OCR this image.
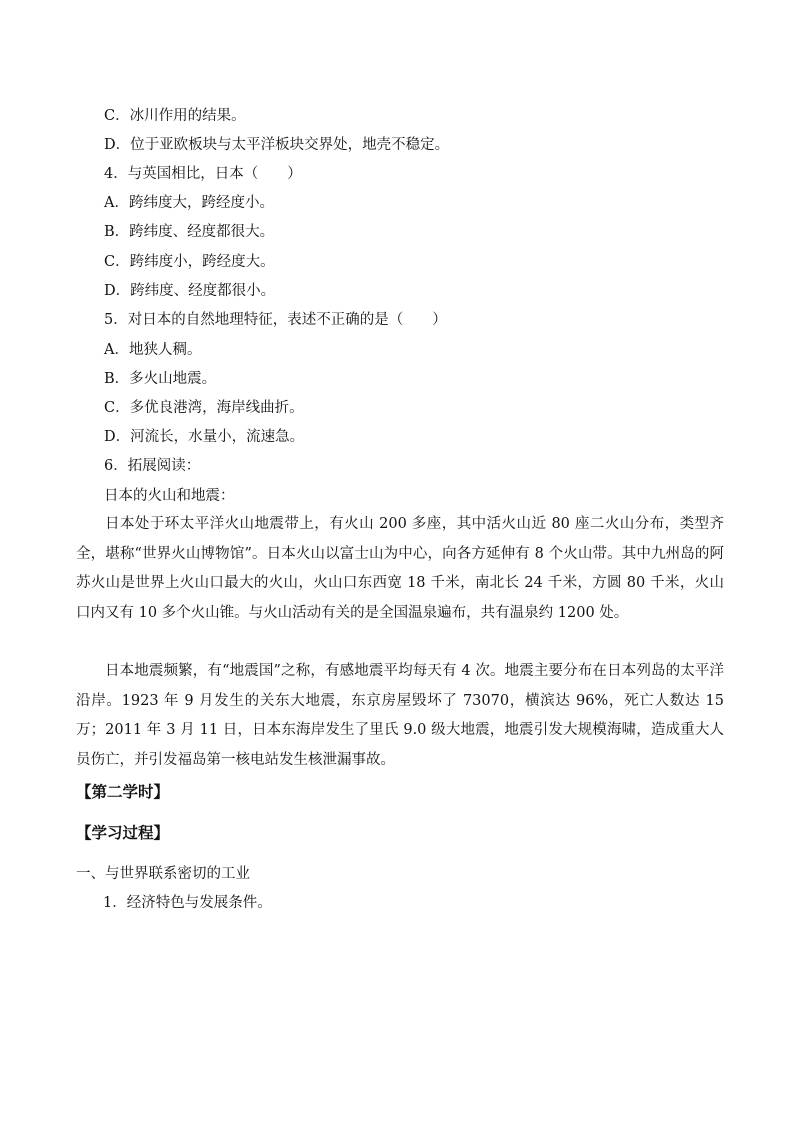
C．冰川作用的结果。
D．位于亚欧板块与太平洋板块交界处，地壳不稳定。
4．与英国相比，日本（　　）
A．跨纬度大，跨经度小。
B．跨纬度、经度都很大。
C．跨纬度小，跨经度大。
D．跨纬度、经度都很小。
5．对日本的自然地理特征，表述不正确的是（　　）
A．地狭人稠。
B．多火山地震。
C．多优良港湾，海岸线曲折。
D．河流长，水量小，流速急。
6．拓展阅读：
日本的火山和地震：
日本处于环太平洋火山地震带上，有火山 200 多座，其中活火山近 80 座二火山分布，类型齐全，堪称“世界火山博物馆”。日本火山以富士山为中心，向各方延伸有 8 个火山带。其中九州岛的阿苏火山是世界上火山口最大的火山，火山口东西宽 18 千米，南北长 24 千米，方圆 80 千米，火山口内又有 10 多个火山锥。与火山活动有关的是全国温泉遍布，共有温泉约 1200 处。
日本地震频繁，有“地震国”之称，有感地震平均每天有 4 次。地震主要分布在日本列岛的太平洋沿岸。1923 年 9 月发生的关东大地震，东京房屋毁坏了 73070，横滨达 96%，死亡人数达 15 万；2011 年 3 月 11 日，日本东海岸发生了里氏 9.0 级大地震，地震引发大规模海啸，造成重大人员伤亡，并引发福岛第一核电站发生核泄漏事故。
【第二学时】
【学习过程】
一、与世界联系密切的工业
1．经济特色与发展条件。
